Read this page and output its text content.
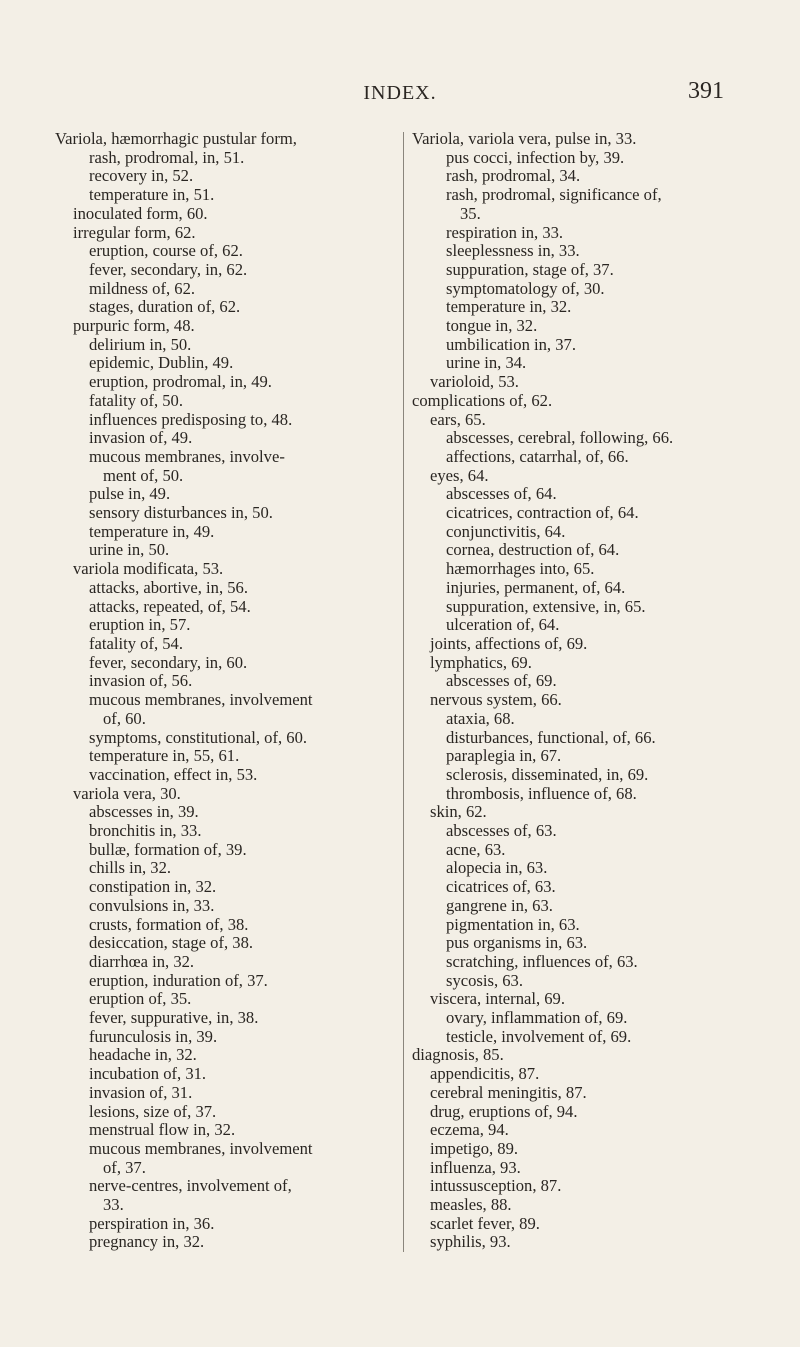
INDEX.	391
Variola, hæmorrhagic pustular form,
rash, prodromal, in, 51.
recovery in, 52.
temperature in, 51.
inoculated form, 60.
irregular form, 62.
eruption, course of, 62.
fever, secondary, in, 62.
mildness of, 62.
stages, duration of, 62.
purpuric form, 48.
delirium in, 50.
epidemic, Dublin, 49.
eruption, prodromal, in, 49.
fatality of, 50.
influences predisposing to, 48.
invasion of, 49.
mucous membranes, involve-
ment of, 50.
pulse in, 49.
sensory disturbances in, 50.
temperature in, 49.
urine in, 50.
variola modificata, 53.
attacks, abortive, in, 56.
attacks, repeated, of, 54.
eruption in, 57.
fatality of, 54.
fever, secondary, in, 60.
invasion of, 56.
mucous membranes, involvement
of, 60.
symptoms, constitutional, of, 60.
temperature in, 55, 61.
vaccination, effect in, 53.
variola vera, 30.
abscesses in, 39.
bronchitis in, 33.
bullæ, formation of, 39.
chills in, 32.
constipation in, 32.
convulsions in, 33.
crusts, formation of, 38.
desiccation, stage of, 38.
diarrhœa in, 32.
eruption, induration of, 37.
eruption of, 35.
fever, suppurative, in, 38.
furunculosis in, 39.
headache in, 32.
incubation of, 31.
invasion of, 31.
lesions, size of, 37.
menstrual flow in, 32.
mucous membranes, involvement
of, 37.
nerve-centres, involvement of,
33.
perspiration in, 36.
pregnancy in, 32.
Variola, variola vera, pulse in, 33.
pus cocci, infection by, 39.
rash, prodromal, 34.
rash, prodromal, significance of,
35.
respiration in, 33.
sleeplessness in, 33.
suppuration, stage of, 37.
symptomatology of, 30.
temperature in, 32.
tongue in, 32.
umbilication in, 37.
urine in, 34.
varioloid, 53.
complications of, 62.
ears, 65.
abscesses, cerebral, following, 66.
affections, catarrhal, of, 66.
eyes, 64.
abscesses of, 64.
cicatrices, contraction of, 64.
conjunctivitis, 64.
cornea, destruction of, 64.
hæmorrhages into, 65.
injuries, permanent, of, 64.
suppuration, extensive, in, 65.
ulceration of, 64.
joints, affections of, 69.
lymphatics, 69.
abscesses of, 69.
nervous system, 66.
ataxia, 68.
disturbances, functional, of, 66.
paraplegia in, 67.
sclerosis, disseminated, in, 69.
thrombosis, influence of, 68.
skin, 62.
abscesses of, 63.
acne, 63.
alopecia in, 63.
cicatrices of, 63.
gangrene in, 63.
pigmentation in, 63.
pus organisms in, 63.
scratching, influences of, 63.
sycosis, 63.
viscera, internal, 69.
ovary, inflammation of, 69.
testicle, involvement of, 69.
diagnosis, 85.
appendicitis, 87.
cerebral meningitis, 87.
drug, eruptions of, 94.
eczema, 94.
impetigo, 89.
influenza, 93.
intussusception, 87.
measles, 88.
scarlet fever, 89.
syphilis, 93.
